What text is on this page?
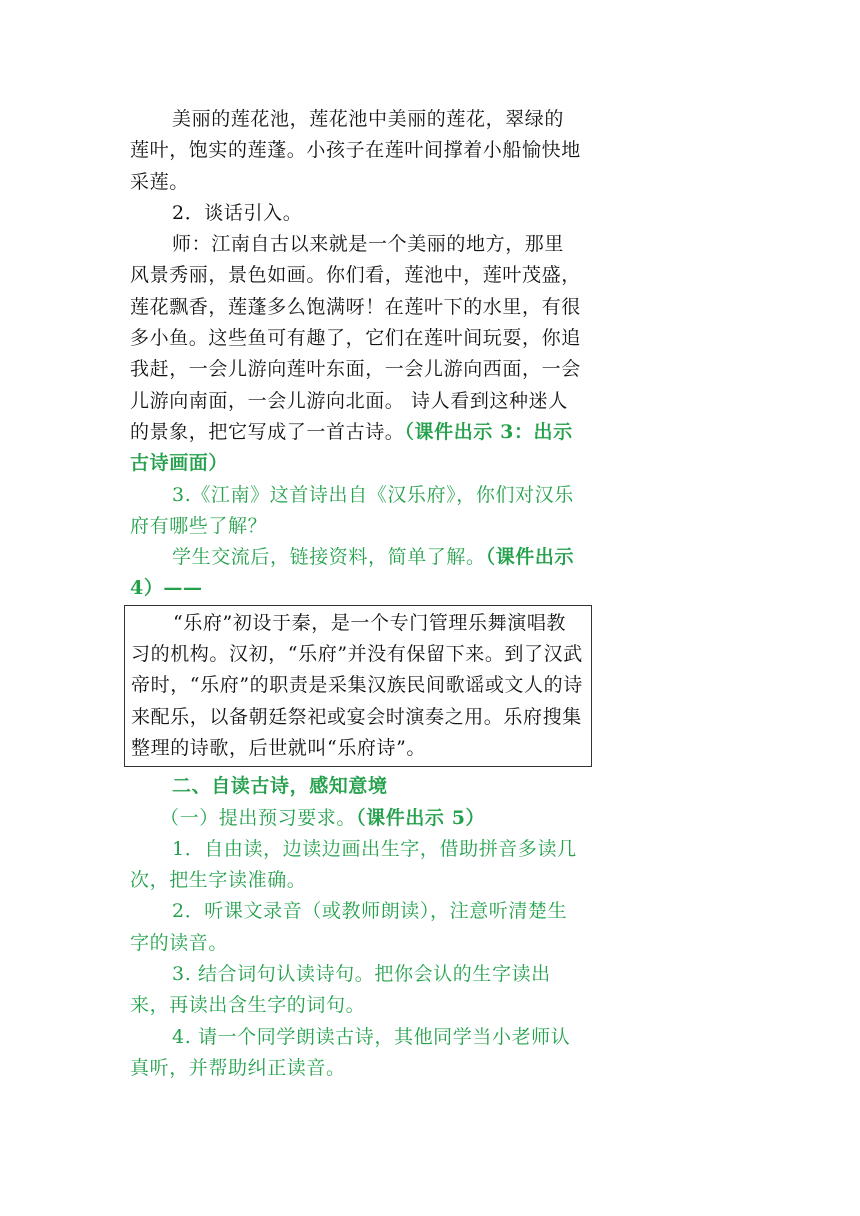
美丽的莲花池，莲花池中美丽的莲花，翠绿的莲叶，饱实的莲蓬。小孩子在莲叶间撑着小船愉快地采莲。

2．谈话引入。

师：江南自古以来就是一个美丽的地方，那里风景秀丽，景色如画。你们看，莲池中，莲叶茂盛，莲花飘香，莲蓬多么饱满呀！在莲叶下的水里，有很多小鱼。这些鱼可有趣了，它们在莲叶间玩耍，你追我赶，一会儿游向莲叶东面，一会儿游向西面，一会儿游向南面，一会儿游向北面。 诗人看到这种迷人的景象，把它写成了一首古诗。（课件出示 3：出示古诗画面）

3.《江南》这首诗出自《汉乐府》，你们对汉乐府有哪些了解？

学生交流后，链接资料，简单了解。（课件出示 4）——

“乐府”初设于秦，是一个专门管理乐舞演唱教习的机构。汉初，“乐府”并没有保留下来。到了汉武帝时，“乐府”的职责是采集汉族民间歌谣或文人的诗来配乐，以备朝廷祭祀或宴会时演奏之用。乐府搜集整理的诗歌，后世就叫“乐府诗”。

二、自读古诗，感知意境

（一）提出预习要求。（课件出示 5）

1．自由读，边读边画出生字，借助拼音多读几次，把生字读准确。

2．听课文录音（或教师朗读），注意听清楚生字的读音。

3. 结合词句认读诗句。把你会认的生字读出来，再读出含生字的词句。

4. 请一个同学朗读古诗，其他同学当小老师认真听，并帮助纠正读音。
